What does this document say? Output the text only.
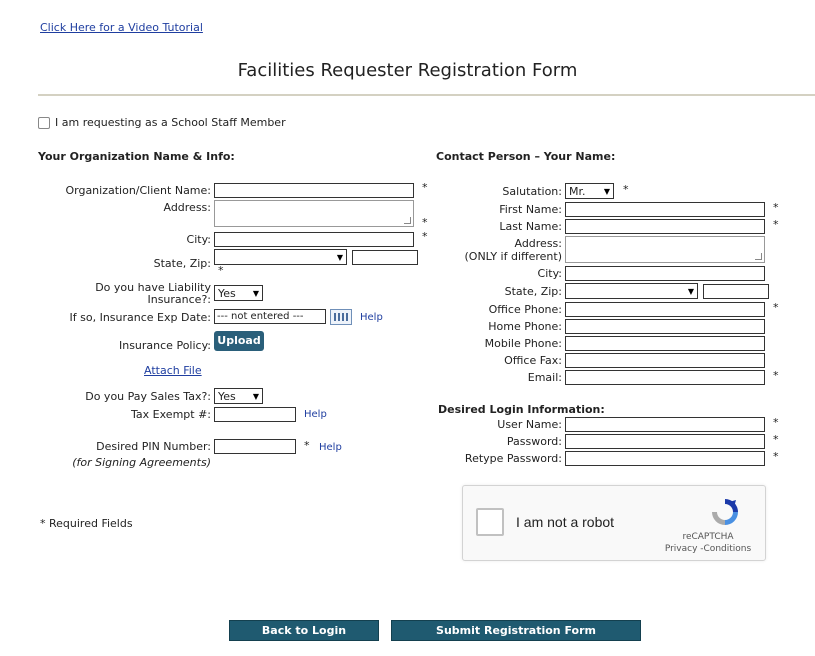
Click Here for a Video Tutorial
Facilities Requester Registration Form
I am requesting as a School Staff Member
Your Organization Name & Info:
Organization/Client Name:	*
Address:
*
City:	*
State, Zip:	▼
*
Do you have Liability Insurance?: Yes ▼
If so, Insurance Exp Date: --- not entered ---	Help
Insurance Policy: Upload
Attach File
Do you Pay Sales Tax?: Yes ▼
Tax Exempt #:	Help
Desired PIN Number:	* Help
(for Signing Agreements)
* Required Fields
Contact Person – Your Name:
Salutation: Mr. ▼ *
First Name:	*
Last Name:	*
Address:
(ONLY if different)
City:
State, Zip:	▼
Office Phone:	*
Home Phone:
Mobile Phone:
Office Fax:
Email:	*
Desired Login Information:
User Name:	*
Password:	*
Retype Password:	*
I am not a robot
reCAPTCHA
Privacy -Conditions
Back to Login	Submit Registration Form
